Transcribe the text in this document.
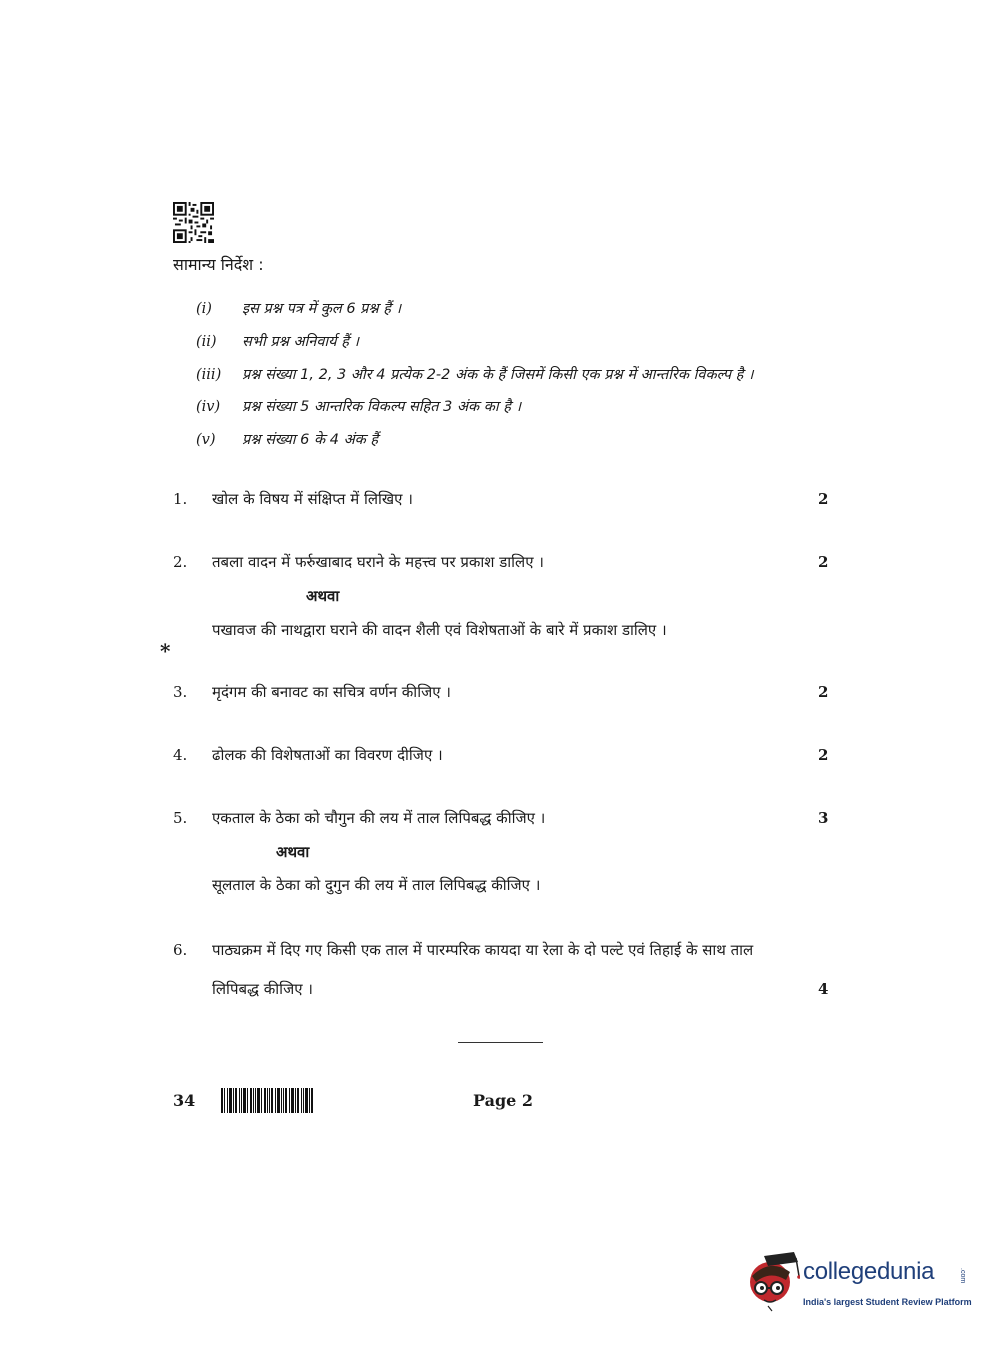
सामान्य निर्देश :
(i) इस प्रश्न पत्र में कुल 6 प्रश्न हैं ।
(ii) सभी प्रश्न अनिवार्य हैं ।
(iii) प्रश्न संख्या 1, 2, 3 और 4 प्रत्येक 2-2 अंक के हैं जिसमें किसी एक प्रश्न में आन्तरिक विकल्प है ।
(iv) प्रश्न संख्या 5 आन्तरिक विकल्प सहित 3 अंक का है ।
(v) प्रश्न संख्या 6 के 4 अंक हैं
1. खोल के विषय में संक्षिप्त में लिखिए ।	2
2. तबला वादन में फर्रुखाबाद घराने के महत्त्व पर प्रकाश डालिए ।	2
अथवा
पखावज की नाथद्वारा घराने की वादन शैली एवं विशेषताओं के बारे में प्रकाश डालिए ।
*
3. मृदंगम की बनावट का सचित्र वर्णन कीजिए ।	2
4. ढोलक की विशेषताओं का विवरण दीजिए ।	2
5. एकताल के ठेका को चौगुन की लय में ताल लिपिबद्ध कीजिए ।	3
अथवा
सूलताल के ठेका को दुगुन की लय में ताल लिपिबद्ध कीजिए ।
6. पाठ्यक्रम में दिए गए किसी एक ताल में पारम्परिक कायदा या रेला के दो पल्टे एवं तिहाई के साथ ताल
लिपिबद्ध कीजिए ।	4
34	Page 2
collegedunia	.com
India's largest Student Review Platform
